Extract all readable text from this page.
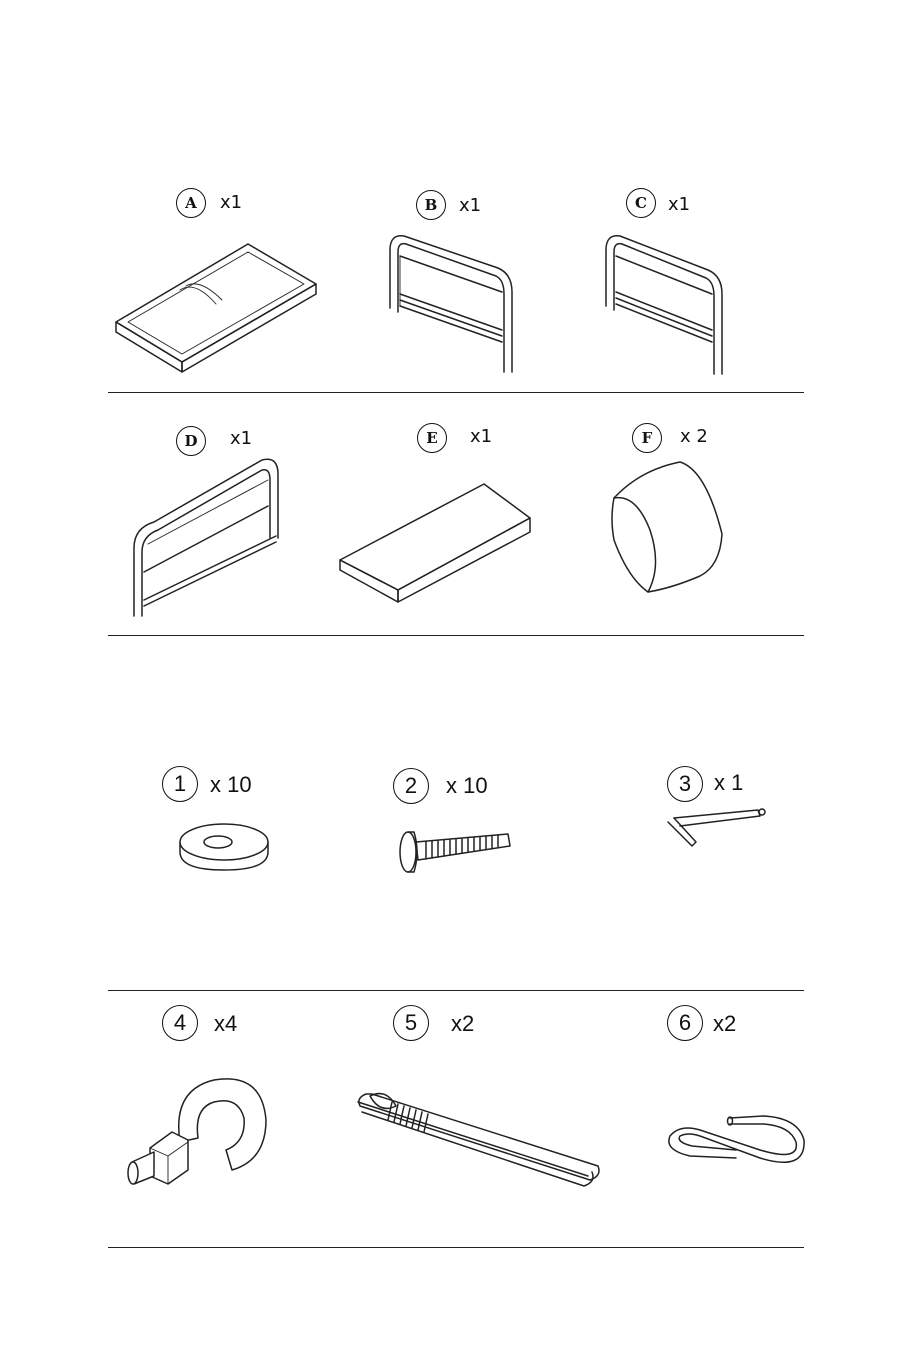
A	x1	B	x1	C	x1
D	x1	E	x1	F	x 2
1	x 10	2	x 10	3	x 1
4	x4	5	x2	6 x2
